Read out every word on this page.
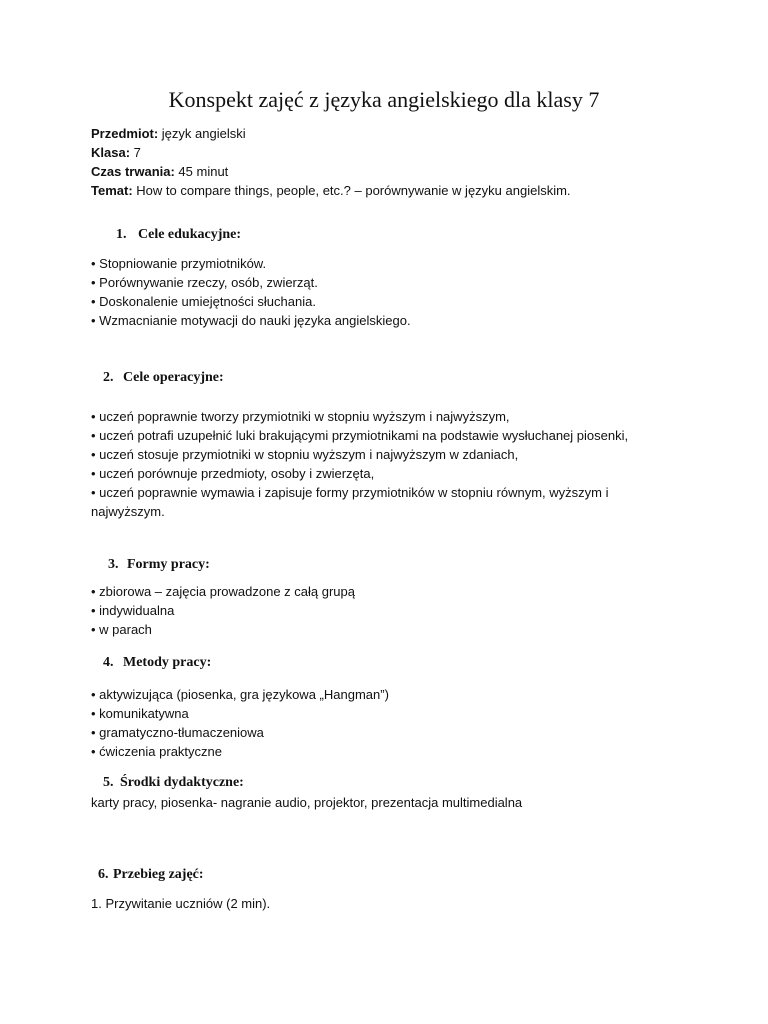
Konspekt zajęć z języka angielskiego dla klasy 7
Przedmiot: język angielski
Klasa: 7
Czas trwania: 45 minut
Temat: How to compare things, people, etc.? – porównywanie w języku angielskim.
1. Cele edukacyjne:
• Stopniowanie przymiotników.
• Porównywanie rzeczy, osób, zwierząt.
• Doskonalenie umiejętności słuchania.
• Wzmacnianie motywacji do nauki języka angielskiego.
2. Cele operacyjne:
• uczeń poprawnie tworzy przymiotniki w stopniu wyższym i najwyższym,
• uczeń potrafi uzupełnić luki brakującymi przymiotnikami na podstawie wysłuchanej piosenki,
• uczeń stosuje przymiotniki w stopniu wyższym i najwyższym w zdaniach,
• uczeń porównuje przedmioty, osoby i zwierzęta,
• uczeń poprawnie wymawia i zapisuje formy przymiotników w stopniu równym, wyższym i najwyższym.
3. Formy pracy:
• zbiorowa – zajęcia prowadzone z całą grupą
• indywidualna
• w parach
4. Metody pracy:
• aktywizująca (piosenka, gra językowa „Hangman”)
• komunikatywna
• gramatyczno-tłumaczeniowa
• ćwiczenia praktyczne
5. Środki dydaktyczne:
karty pracy, piosenka- nagranie audio, projektor, prezentacja multimedialna
6. Przebieg zajęć:
1. Przywitanie uczniów (2 min).
